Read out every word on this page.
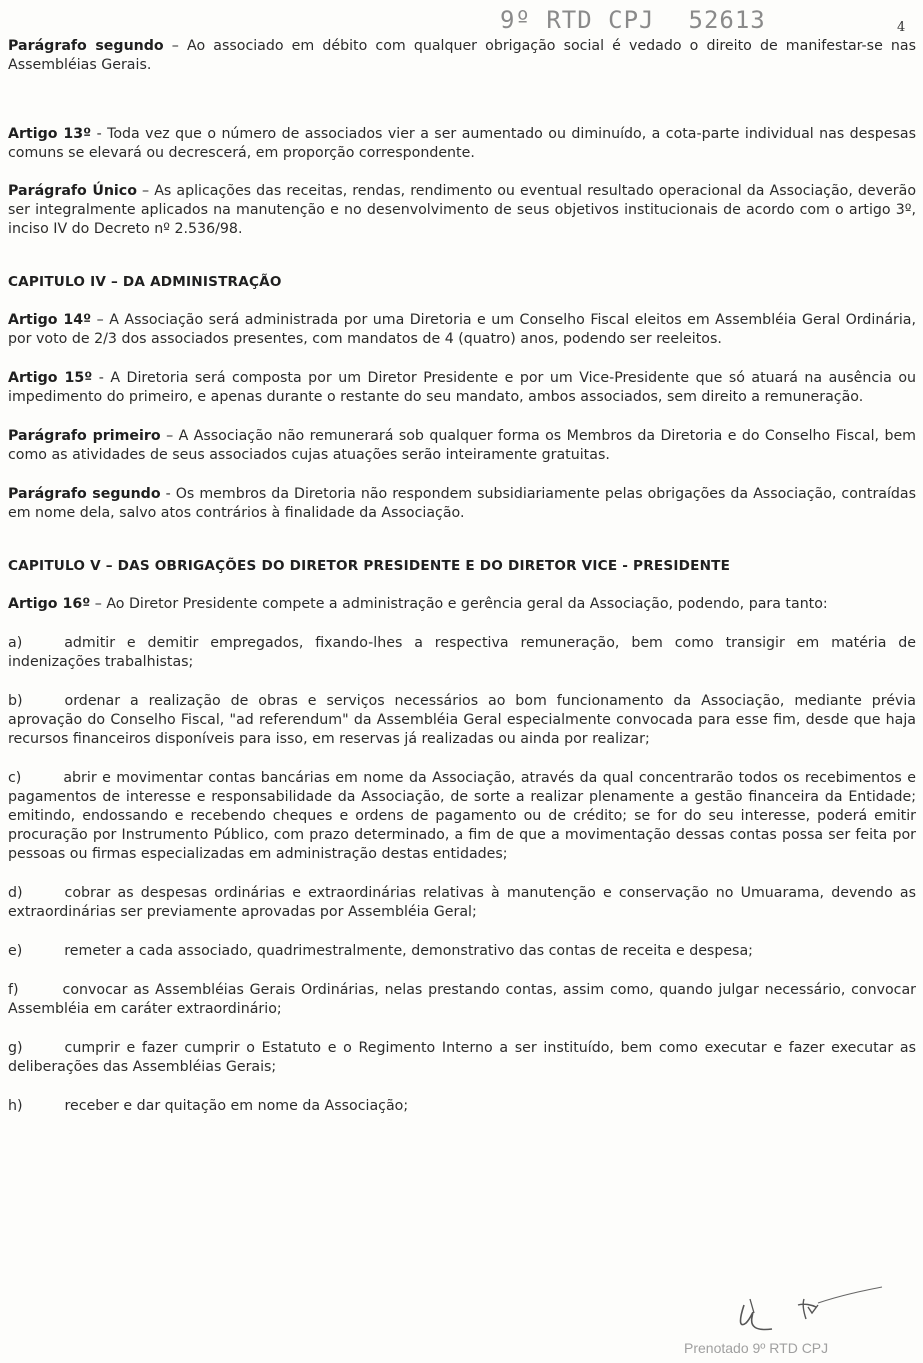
9º RTD CPJ 52613	4

Parágrafo segundo – Ao associado em débito com qualquer obrigação social é vedado o direito de manifestar-se nas Assembléias Gerais.

Artigo 13º - Toda vez que o número de associados vier a ser aumentado ou diminuído, a cota-parte individual nas despesas comuns se elevará ou decrescerá, em proporção correspondente.

Parágrafo Único – As aplicações das receitas, rendas, rendimento ou eventual resultado operacional da Associação, deverão ser integralmente aplicados na manutenção e no desenvolvimento de seus objetivos institucionais de acordo com o artigo 3º, inciso IV do Decreto nº 2.536/98.

CAPITULO IV – DA ADMINISTRAÇÃO

Artigo 14º – A Associação será administrada por uma Diretoria e um Conselho Fiscal eleitos em Assembléia Geral Ordinária, por voto de 2/3 dos associados presentes, com mandatos de 4 (quatro) anos, podendo ser reeleitos.

Artigo 15º - A Diretoria será composta por um Diretor Presidente e por um Vice-Presidente que só atuará na ausência ou impedimento do primeiro, e apenas durante o restante do seu mandato, ambos associados, sem direito a remuneração.

Parágrafo primeiro – A Associação não remunerará sob qualquer forma os Membros da Diretoria e do Conselho Fiscal, bem como as atividades de seus associados cujas atuações serão inteiramente gratuitas.

Parágrafo segundo - Os membros da Diretoria não respondem subsidiariamente pelas obrigações da Associação, contraídas em nome dela, salvo atos contrários à finalidade da Associação.

CAPITULO V – DAS OBRIGAÇÕES DO DIRETOR PRESIDENTE E DO DIRETOR VICE - PRESIDENTE

Artigo 16º – Ao Diretor Presidente compete a administração e gerência geral da Associação, podendo, para tanto:

a)	admitir e demitir empregados, fixando-lhes a respectiva remuneração, bem como transigir em matéria de indenizações trabalhistas;

b)	ordenar a realização de obras e serviços necessários ao bom funcionamento da Associação, mediante prévia aprovação do Conselho Fiscal, "ad referendum" da Assembléia Geral especialmente convocada para esse fim, desde que haja recursos financeiros disponíveis para isso, em reservas já realizadas ou ainda por realizar;

c)	abrir e movimentar contas bancárias em nome da Associação, através da qual concentrarão todos os recebimentos e pagamentos de interesse e responsabilidade da Associação, de sorte a realizar plenamente a gestão financeira da Entidade; emitindo, endossando e recebendo cheques e ordens de pagamento ou de crédito; se for do seu interesse, poderá emitir procuração por Instrumento Público, com prazo determinado, a fim de que a movimentação dessas contas possa ser feita por pessoas ou firmas especializadas em administração destas entidades;

d)	cobrar as despesas ordinárias e extraordinárias relativas à manutenção e conservação no Umuarama, devendo as extraordinárias ser previamente aprovadas por Assembléia Geral;

e)	remeter a cada associado, quadrimestralmente, demonstrativo das contas de receita e despesa;

f)	convocar as Assembléias Gerais Ordinárias, nelas prestando contas, assim como, quando julgar necessário, convocar Assembléia em caráter extraordinário;

g)	cumprir e fazer cumprir o Estatuto e o Regimento Interno a ser instituído, bem como executar e fazer executar as deliberações das Assembléias Gerais;

h)	receber e dar quitação em nome da Associação;

Prenotado 9º RTD CPJ
